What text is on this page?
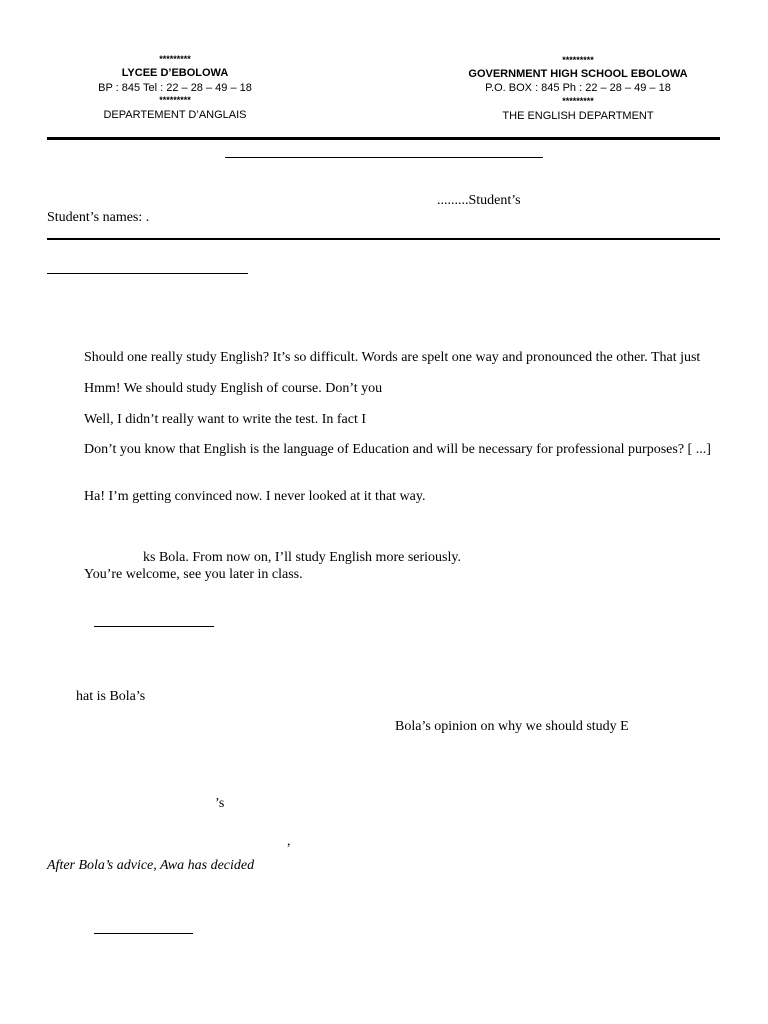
*********
LYCEE D’EBOLOWA
BP : 845 Tel : 22 – 28 – 49 – 18
*********
DEPARTEMENT D’ANGLAIS
*********
GOVERNMENT HIGH SCHOOL EBOLOWA
P.O. BOX : 845 Ph : 22 – 28 – 49 – 18
*********
THE ENGLISH DEPARTMENT
.........Student’s
Student’s names: .
Should one really study English? It’s so difficult. Words are spelt one way and pronounced the other. That just
Hmm! We should study English of course. Don’t you
Well, I didn’t really want to write the test. In fact I
Don’t you know that English is the language of Education and will be necessary for professional purposes? [ ...]
Ha! I’m getting convinced now. I never looked at it that way.
ks Bola. From now on, I’ll study English more seriously.
You’re welcome, see you later in class.
hat is Bola’s
Bola’s opinion on why we should study E
’s
,
After Bola’s advice, Awa has decided
